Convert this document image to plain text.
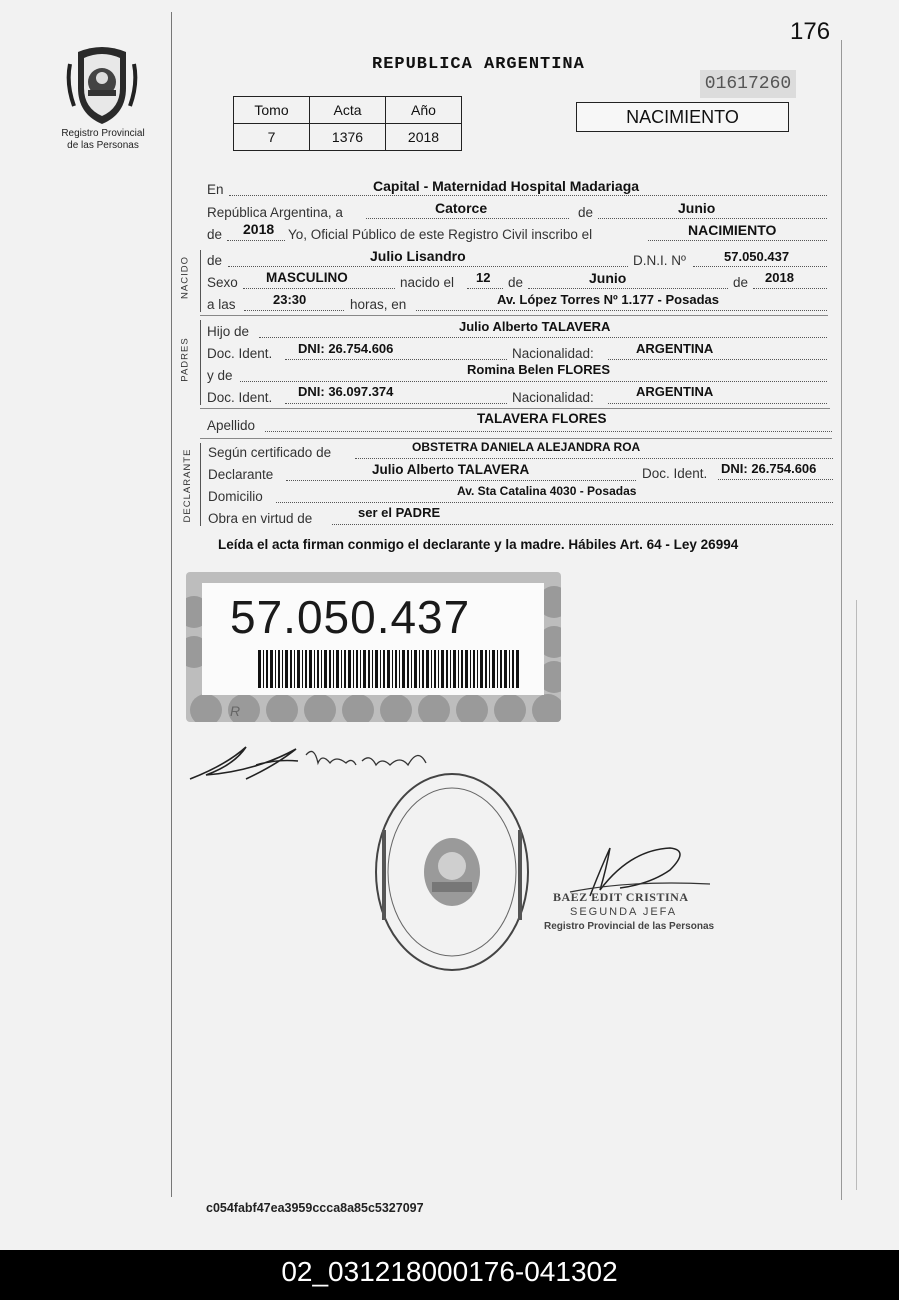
176
Registro Provincial
de las Personas
REPUBLICA ARGENTINA
01617260
Tomo	Acta	Año
7	1376	2018
NACIMIENTO
En	Capital - Maternidad Hospital Madariaga
República Argentina, a	Catorce	de	Junio
de 2018 Yo, Oficial Público de este Registro Civil inscribo el	NACIMIENTO
NACIDO de	Julio Lisandro	D.N.I. Nº	57.050.437
Sexo MASCULINO	nacido el 12 de	Junio	de 2018
a las	23:30	horas, en	Av. López Torres Nº 1.177 - Posadas
PADRES
Hijo de	Julio Alberto TALAVERA
Doc. Ident. DNI: 26.754.606	Nacionalidad:	ARGENTINA
y de	Romina Belen FLORES
Doc. Ident. DNI: 36.097.374	Nacionalidad:	ARGENTINA
Apellido	TALAVERA FLORES
DECLARANTE Según certificado de	OBSTETRA DANIELA ALEJANDRA ROA
Declarante	Julio Alberto TALAVERA	Doc. Ident. DNI: 26.754.606
Domicilio	Av. Sta Catalina 4030 - Posadas
Obra en virtud de	ser el PADRE
Leída el acta firman conmigo el declarante y la madre. Hábiles Art. 64 - Ley 26994
R
57.050.437
BAEZ EDIT CRISTINA
SEGUNDA JEFA
Registro Provincial de las Personas
c054fabf47ea3959ccca8a85c5327097
02_031218000176-041302
